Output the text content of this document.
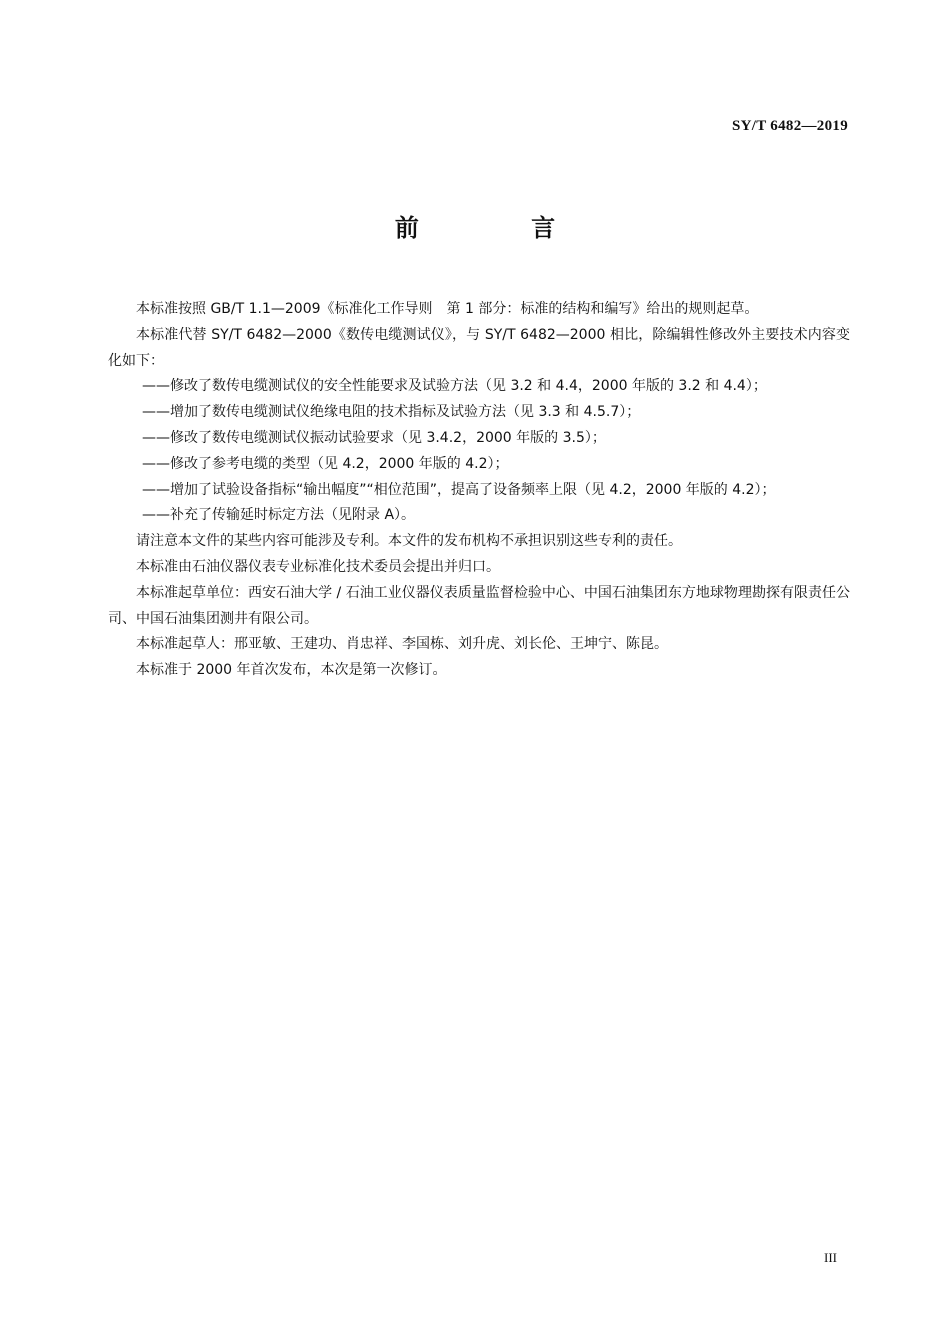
SY/T 6482—2019
前 言

本标准按照 GB/T 1.1—2009《标准化工作导则　第 1 部分：标准的结构和编写》给出的规则起草。

本标准代替 SY/T 6482—2000《数传电缆测试仪》，与 SY/T 6482—2000 相比，除编辑性修改外主要技术内容变化如下：

——修改了数传电缆测试仪的安全性能要求及试验方法（见 3.2 和 4.4，2000 年版的 3.2 和 4.4）；

——增加了数传电缆测试仪绝缘电阻的技术指标及试验方法（见 3.3 和 4.5.7）；

——修改了数传电缆测试仪振动试验要求（见 3.4.2，2000 年版的 3.5）；

——修改了参考电缆的类型（见 4.2，2000 年版的 4.2）；

——增加了试验设备指标“输出幅度”“相位范围”，提高了设备频率上限（见 4.2，2000 年版的 4.2）；

——补充了传输延时标定方法（见附录 A）。

请注意本文件的某些内容可能涉及专利。本文件的发布机构不承担识别这些专利的责任。

本标准由石油仪器仪表专业标准化技术委员会提出并归口。

本标准起草单位：西安石油大学 / 石油工业仪器仪表质量监督检验中心、中国石油集团东方地球物理勘探有限责任公司、中国石油集团测井有限公司。

本标准起草人：邢亚敏、王建功、肖忠祥、李国栋、刘升虎、刘长伦、王坤宁、陈昆。

本标准于 2000 年首次发布，本次是第一次修订。

III
